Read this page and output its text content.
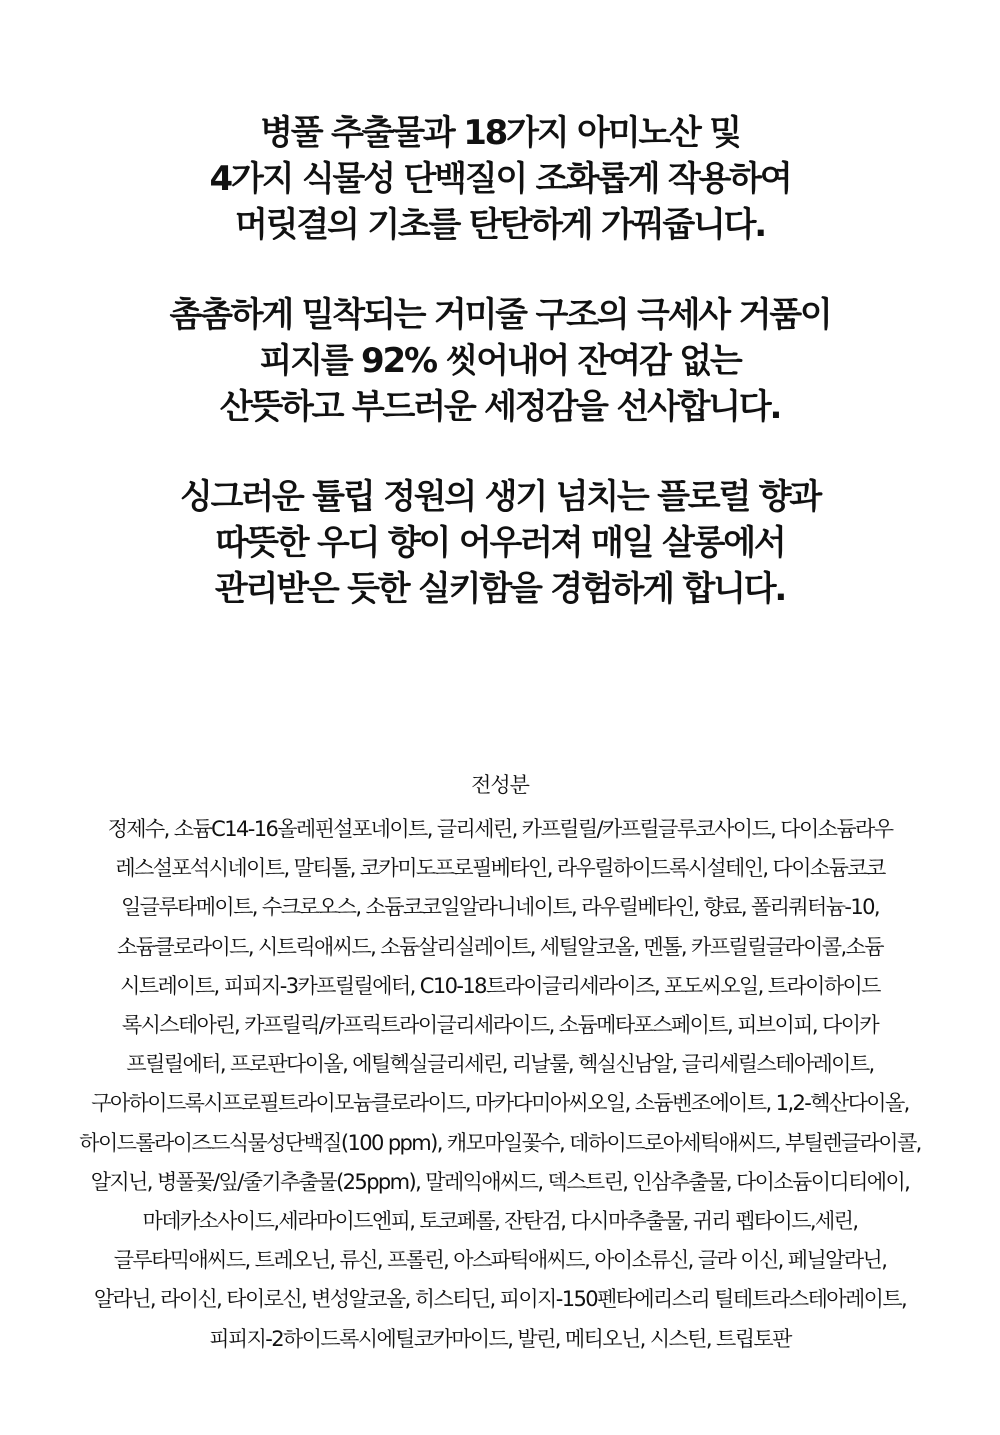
병풀 추출물과 18가지 아미노산 및
4가지 식물성 단백질이 조화롭게 작용하여
머릿결의 기초를 탄탄하게 가꿔줍니다.

촘촘하게 밀착되는 거미줄 구조의 극세사 거품이
피지를 92% 씻어내어 잔여감 없는
산뜻하고 부드러운 세정감을 선사합니다.

싱그러운 튤립 정원의 생기 넘치는 플로럴 향과
따뜻한 우디 향이 어우러져 매일 살롱에서
관리받은 듯한 실키함을 경험하게 합니다.

전성분
정제수, 소듐C14-16올레핀설포네이트, 글리세린, 카프릴릴/카프릴글루코사이드, 다이소듐라우
레스설포석시네이트, 말티톨, 코카미도프로필베타인, 라우릴하이드록시설테인, 다이소듐코코
일글루타메이트, 수크로오스, 소듐코코일알라니네이트, 라우릴베타인, 향료, 폴리쿼터늄-10,
소듐클로라이드, 시트릭애씨드, 소듐살리실레이트, 세틸알코올, 멘톨, 카프릴릴글라이콜,소듐
시트레이트, 피피지-3카프릴릴에터, C10-18트라이글리세라이즈, 포도씨오일, 트라이하이드
록시스테아린, 카프릴릭/카프릭트라이글리세라이드, 소듐메타포스페이트, 피브이피, 다이카
프릴릴에터, 프로판다이올, 에틸헥실글리세린, 리날룰, 헥실신남알, 글리세릴스테아레이트,
구아하이드록시프로필트라이모늄클로라이드, 마카다미아씨오일, 소듐벤조에이트, 1,2-헥산다이올,
하이드롤라이즈드식물성단백질(100 ppm), 캐모마일꽃수, 데하이드로아세틱애씨드, 부틸렌글라이콜,
알지닌, 병풀꽃/잎/줄기추출물(25ppm), 말레익애씨드, 덱스트린, 인삼추출물, 다이소듐이디티에이,
마데카소사이드,세라마이드엔피, 토코페롤, 잔탄검, 다시마추출물, 귀리 펩타이드,세린,
글루타믹애씨드, 트레오닌, 류신, 프롤린, 아스파틱애씨드, 아이소류신, 글라 이신, 페닐알라닌,
알라닌, 라이신, 타이로신, 변성알코올, 히스티딘, 피이지-150펜타에리스리 틸테트라스테아레이트,
피피지-2하이드록시에틸코카마이드, 발린, 메티오닌, 시스틴, 트립토판
